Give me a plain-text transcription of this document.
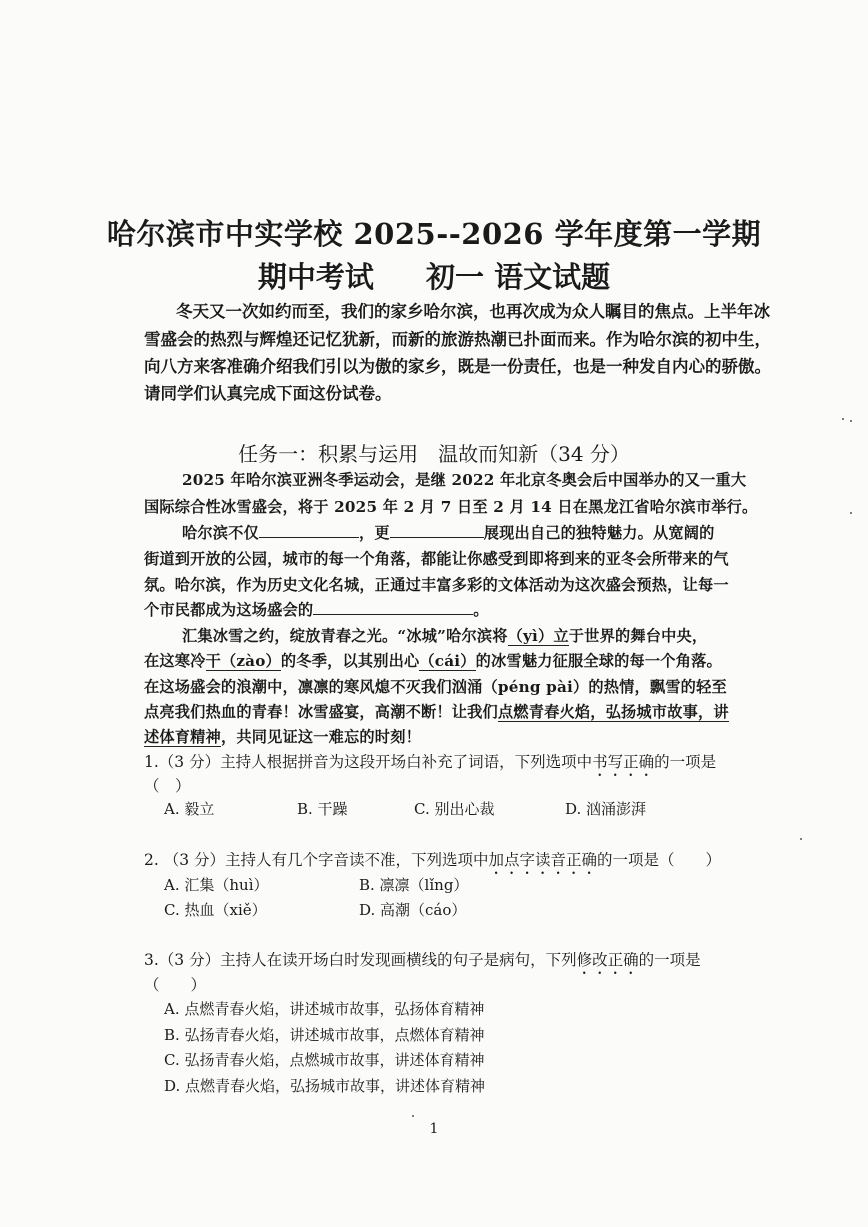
哈尔滨市中实学校 2025--2026 学年度第一学期
期中考试 初一 语文试题
冬天又一次如约而至，我们的家乡哈尔滨，也再次成为众人瞩目的焦点。上半年冰
雪盛会的热烈与辉煌还记忆犹新，而新的旅游热潮已扑面而来。作为哈尔滨的初中生，
向八方来客准确介绍我们引以为傲的家乡，既是一份责任，也是一种发自内心的骄傲。
请同学们认真完成下面这份试卷。
任务一：积累与运用　温故而知新（34 分）
2025 年哈尔滨亚洲冬季运动会，是继 2022 年北京冬奥会后中国举办的又一重大
国际综合性冰雪盛会，将于 2025 年 2 月 7 日至 2 月 14 日在黑龙江省哈尔滨市举行。
哈尔滨不仅	，更	展现出自己的独特魅力。从宽阔的
街道到开放的公园，城市的每一个角落，都能让你感受到即将到来的亚冬会所带来的气
氛。哈尔滨，作为历史文化名城，正通过丰富多彩的文体活动为这次盛会预热，让每一
个市民都成为这场盛会的	。
汇集冰雪之约，绽放青春之光。“冰城”哈尔滨将（yì）立于世界的舞台中央，
在这寒冷干（zào）的冬季，以其别出心（cái）的冰雪魅力征服全球的每一个角落。
在这场盛会的浪潮中，凛凛的寒风熄不灭我们汹涌（péng pài）的热情，飘雪的轻至
点亮我们热血的青春！冰雪盛宴，高潮不断！让我们点燃青春火焰，弘扬城市故事，讲
述体育精神，共同见证这一难忘的时刻！
1.（3 分）主持人根据拼音为这段开场白补充了词语，下列选项中书写正确的一项是
（　）
A. 毅立	B. 干躁	C. 别出心裁	D. 汹涌澎湃
2. （3 分）主持人有几个字音读不准，下列选项中加点字读音正确的一项是（　　）
A. 汇集（huì）	B. 凛凛（lǐng）
C. 热血（xiě）	D. 高潮（cáo）
3.（3 分）主持人在读开场白时发现画横线的句子是病句，下列修改正确的一项是
（　　）
A. 点燃青春火焰，讲述城市故事，弘扬体育精神
B. 弘扬青春火焰，讲述城市故事，点燃体育精神
C. 弘扬青春火焰，点燃城市故事，讲述体育精神
D. 点燃青春火焰，弘扬城市故事，讲述体育精神
1
